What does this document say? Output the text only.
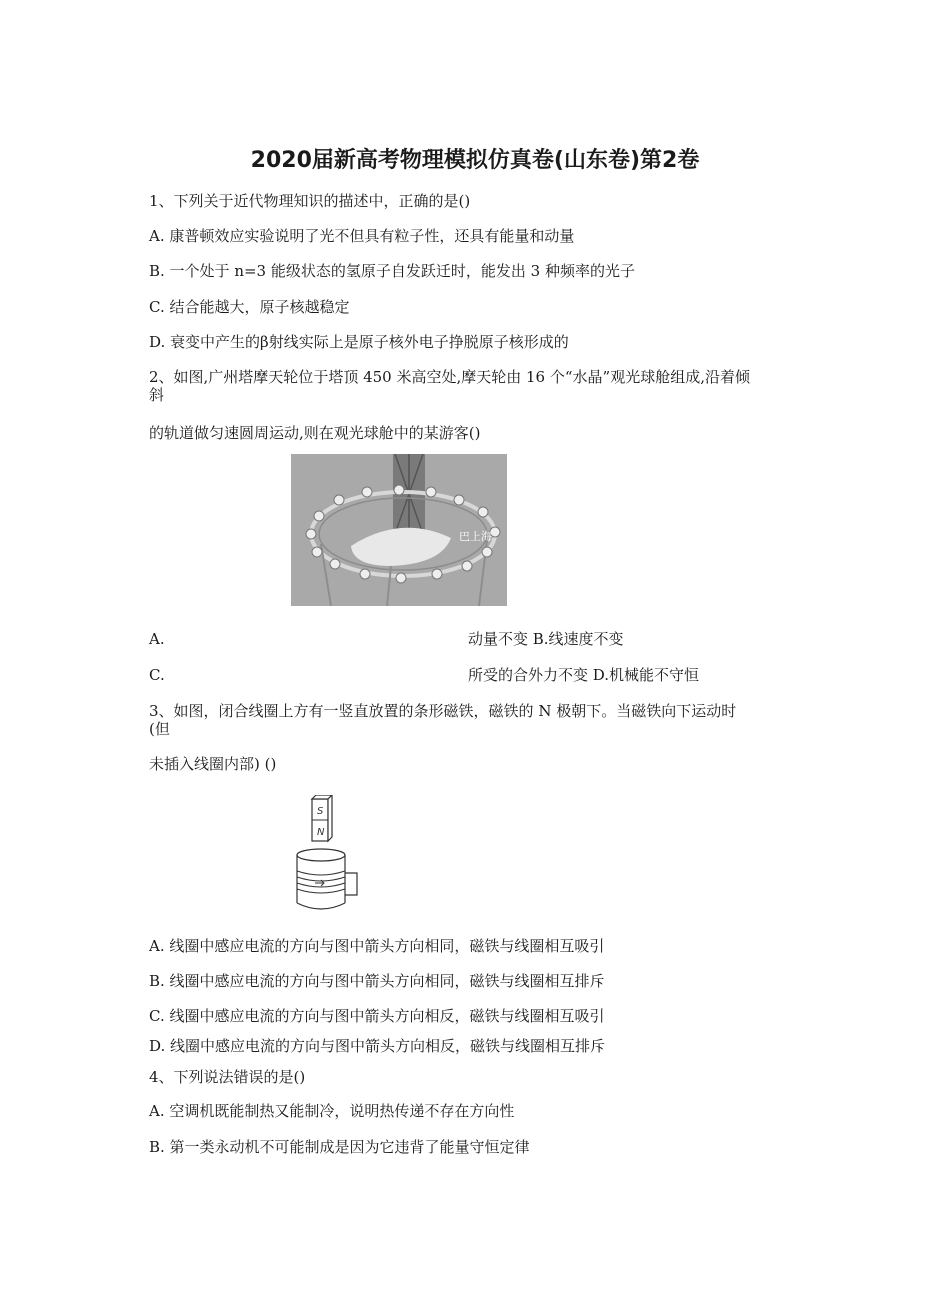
2020届新高考物理模拟仿真卷(山东卷)第2卷
1、下列关于近代物理知识的描述中，正确的是()
A. 康普顿效应实验说明了光不但具有粒子性，还具有能量和动量
B. 一个处于 n=3 能级状态的氢原子自发跃迁时，能发出 3 种频率的光子
C. 结合能越大，原子核越稳定
D. 衰变中产生的β射线实际上是原子核外电子挣脱原子核形成的
2、如图,广州塔摩天轮位于塔顶 450 米高空处,摩天轮由 16 个“水晶”观光球舱组成,沿着倾
斜
的轨道做匀速圆周运动,则在观光球舱中的某游客()
巴上海
A.	动量不变 B.线速度不变
C.	所受的合外力不变 D.机械能不守恒
3、如图，闭合线圈上方有一竖直放置的条形磁铁，磁铁的 N 极朝下。当磁铁向下运动时
(但
未插入线圈内部) ()
S
N
A. 线圈中感应电流的方向与图中箭头方向相同，磁铁与线圈相互吸引
B. 线圈中感应电流的方向与图中箭头方向相同，磁铁与线圈相互排斥
C. 线圈中感应电流的方向与图中箭头方向相反，磁铁与线圈相互吸引
D. 线圈中感应电流的方向与图中箭头方向相反，磁铁与线圈相互排斥
4、下列说法错误的是()
A. 空调机既能制热又能制冷，说明热传递不存在方向性
B. 第一类永动机不可能制成是因为它违背了能量守恒定律
